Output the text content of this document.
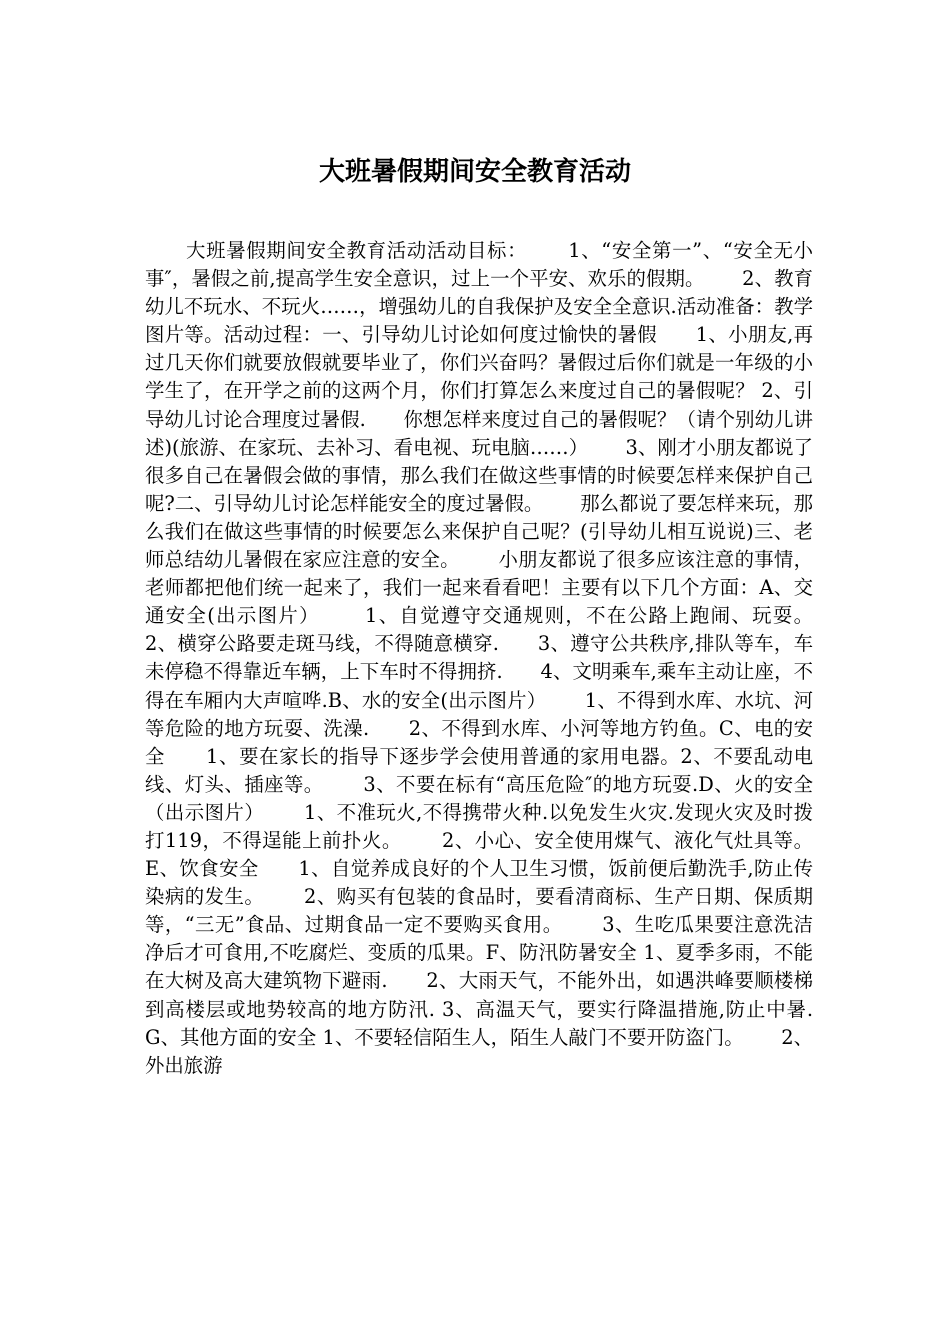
大班暑假期间安全教育活动

大班暑假期间安全教育活动活动目标：      1、“安全第一”、“安全无小事″，暑假之前,提高学生安全意识，过上一个平安、欢乐的假期。      2、教育幼儿不玩水、不玩火……，增强幼儿的自我保护及安全全意识.活动准备：教学图片等。活动过程：一、引导幼儿讨论如何度过愉快的暑假      1、小朋友,再过几天你们就要放假就要毕业了，你们兴奋吗？暑假过后你们就是一年级的小学生了，在开学之前的这两个月，你们打算怎么来度过自己的暑假呢？ 2、引导幼儿讨论合理度过暑假.      你想怎样来度过自己的暑假呢？（请个别幼儿讲述)(旅游、在家玩、去补习、看电视、玩电脑……）      3、刚才小朋友都说了很多自己在暑假会做的事情，那么我们在做这些事情的时候要怎样来保护自己呢?二、引导幼儿讨论怎样能安全的度过暑假。      那么都说了要怎样来玩，那么我们在做这些事情的时候要怎么来保护自己呢？(引导幼儿相互说说)三、老师总结幼儿暑假在家应注意的安全。      小朋友都说了很多应该注意的事情，老师都把他们统一起来了，我们一起来看看吧！主要有以下几个方面：A、交通安全(出示图片）      1、自觉遵守交通规则，不在公路上跑闹、玩耍。      2、横穿公路要走斑马线，不得随意横穿.      3、遵守公共秩序,排队等车，车未停稳不得靠近车辆，上下车时不得拥挤.      4、文明乘车,乘车主动让座，不得在车厢内大声喧哗.B、水的安全(出示图片）      1、不得到水库、水坑、河等危险的地方玩耍、洗澡.      2、不得到水库、小河等地方钓鱼。C、电的安全      1、要在家长的指导下逐步学会使用普通的家用电器。2、不要乱动电线、灯头、插座等。      3、不要在标有“高压危险″的地方玩耍.D、火的安全（出示图片）      1、不准玩火,不得携带火种.以免发生火灾.发现火灾及时拨打119，不得逞能上前扑火。      2、小心、安全使用煤气、液化气灶具等。E、饮食安全      1、自觉养成良好的个人卫生习惯，饭前便后勤洗手,防止传染病的发生。      2、购买有包装的食品时，要看清商标、生产日期、保质期等，“三无”食品、过期食品一定不要购买食用。      3、生吃瓜果要注意洗洁净后才可食用,不吃腐烂、变质的瓜果。F、防汛防暑安全 1、夏季多雨，不能在大树及高大建筑物下避雨.      2、大雨天气，不能外出，如遇洪峰要顺楼梯到高楼层或地势较高的地方防汛. 3、高温天气，要实行降温措施,防止中暑.G、其他方面的安全 1、不要轻信陌生人，陌生人敲门不要开防盗门。      2、外出旅游
